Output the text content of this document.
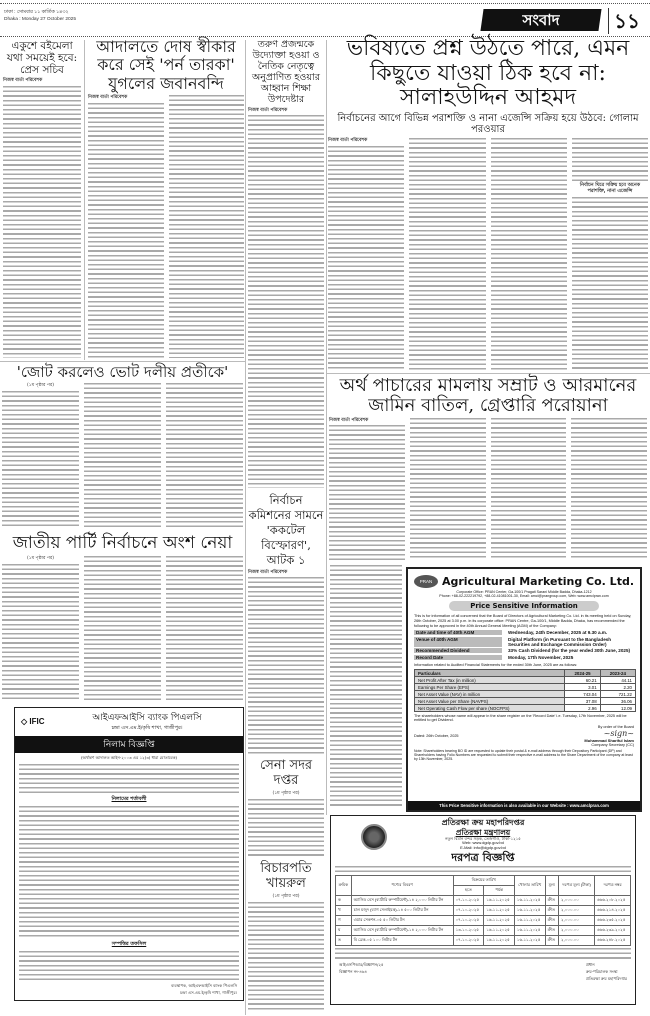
ঢাকা : সোমবার ১১ কার্তিক ১৪৩২
Dhaka : Monday 27 October 2025	সংবাদ	১১
একুশে বইমেলা যথা সময়েই হবে: প্রেস সচিব
নিজস্ব বার্তা পরিবেশক
আদালতে দোষ স্বীকার করে সেই 'পর্ন তারকা' যুগলের জবানবন্দি
নিজস্ব বার্তা পরিবেশক
তরুণ প্রজন্মকে উদ্যোক্তা হওয়া ও নৈতিক নেতৃত্বে অনুপ্রাণিত হওয়ার আহ্বান শিক্ষা উপদেষ্টার
নিজস্ব বার্তা পরিবেশক
নির্বাচন কমিশনের সামনে 'ককটেল বিস্ফোরণ', আটক ১
নিজস্ব বার্তা পরিবেশক
সেনা সদর দপ্তর
(১ম পৃষ্ঠার পর)
বিচারপতি খায়রুল
(১ম পৃষ্ঠার পর)
ভবিষ্যতে প্রশ্ন উঠতে পারে, এমন কিছুতে যাওয়া ঠিক হবে না: সালাহউদ্দিন আহমদ
নির্বাচনের আগে বিভিন্ন পরাশক্তি ও নানা এজেন্সি সক্রিয় হয়ে উঠবে: গোলাম পরওয়ার
নিজস্ব বার্তা পরিবেশক
নির্বাচন ঘিরে সক্রিয় হবে অনেক পরাশক্তি, নানা এজেন্সি
'জোট করলেও ভোট দলীয় প্রতীকে'
(১ম পৃষ্ঠার পর)
জাতীয় পার্টি নির্বাচনে অংশ নেয়া
(১ম পৃষ্ঠার পর)
অর্থ পাচারের মামলায় সম্রাট ও আরমানের জামিন বাতিল, গ্রেপ্তারি পরোয়ানা
নিজস্ব বার্তা পরিবেশক
PRAN Agricultural Marketing Co. Ltd.
Corporate Office: PRAN Center, Ga-100/1 Pragati Sarani Middle Badda, Dhaka-1212
Phone: +88-02-222219792, +88-02-41081001-30, Email: amcl@prangroup.com, Web: www.amclpran.com
Price Sensitive Information
This is for information of all concerned that the Board of Directors of Agricultural Marketing Co. Ltd. in its meeting held on Sunday, 26th October, 2025 at 3.00 p.m. in its corporate office: PRAN Centre, Ga-100/1, Middle Badda, Dhaka, has recommended the following to be approved in the 40th Annual General Meeting (AGM) of the Company:
Date and time of 40th AGM	Wednesday, 24th December, 2025 at 9.30 a.m.
Venue of 40th AGM	Digital Platform (in Pursuant to the Bangladesh Securities and Exchange Commission Order)
Recommended Dividend	33% Cash Dividend (for the year ended 30th June, 2025)
Record Date	Monday, 17th November, 2025
Information related to Audited Financial Statements for the ended 30th June, 2025 are as follows:
Particulars	2024-25	2023-24
Net Profit After Tax (in million)	60.21	44.11
Earnings Per Share (EPS)	3.01	2.20
Net Asset Value (NAV) in million	743.04	721.22
Net Asset Value per Share (NAVPS)	37.08	36.06
Net Operating Cash Flow per share (NOCFPS)	2.96	12.09
The shareholders whose name will appear in the share register on the 'Record Date' i.e. Tuesday, 17th November, 2025 will be entitled to get Dividend.
Dated: 26th October, 2025
By order of the Board
~sign~
Muhammad Shariful Islam
Company Secretary (CC)
Note: Shareholders bearing BO ID are requested to update their postal & e-mail address through their Depository Participant (DP) and Shareholders having Folio Numbers are requested to submit their respective e-mail address to the Share Department of the company at least by 13th November, 2025.
This Price Sensitive information is also available in our Website : www.amclpran.com
◇ IFIC	আইএফআইসি ব্যাংক পিএলসি
চন্দ্রা এস.এম.ই/কৃষি শাখা, গাজীপুর।
নিলাম বিজ্ঞপ্তি
(অর্থঋণ আদালত আইন-২০০৩ এর ১২(৩) ধারা মোতাবেক)
নিলামের শর্তাবলী
সম্পত্তির তফসিল
ব্যবস্থাপক, আইএফআইসি ব্যাংক পিএলসি
চন্দ্রা এস.এম.ই/কৃষি শাখা, গাজীপুর।
প্রতিরক্ষা ক্রয় মহাপরিদপ্তর
প্রতিরক্ষা মন্ত্রণালয়
নতুন বিমান বন্দর সড়ক, তেজগাঁও, ঢাকা-১২১৫
Web: www.dgdp.gov.bd
E-Mail: info@dgdp.gov.bd
দরপত্র বিজ্ঞপ্তি
ক্রমিক	পণ্যের বিবরণ	বিক্রয়ের তারিখ		খোলার তারিখ	মূল্য	দরপত্র মূল্য (টাকা)	দরপত্র নম্বর
		হতে	পর্যন্ত				
ক	অ্যাসিড বেস (ব্যাটারি কম্পার্টমেন্ট)-১৪ ২,০০০ লিটার টন	০৭-১০-২০২৫	১৬-১১-২০২৫	১৬-১১-২০২৫	ক্রীত	২,০০০.০০	৬৬৬.২০৮.২০২৫
খ	চাল মজুদ (ব্যাগ সেলাইযন্ত্র)-১৪ ৫০০ লিটার টন	০৭-১০-২০২৫	১৬-১১-২০২৫	১৬-১১-২০২৫	ক্রীত	২,০০০.০০	৬৬৬.২১৪.২০২৫
গ	এয়ার সেকশন-০৫ ৫০ লিটার টন	০৭-১০-২০২৫	১৬-১১-২০২৫	১৬-১১-২০২৫	ক্রীত	২,০০০.০০	৬৬৬.২৩৫.২০২৫
ঘ	অ্যাসিড বেস (ব্যাটারি কম্পার্টমেন্ট)-১৪ ২,০০০ লিটার টন	১৩-১০-২০২৫	১৬-১১-২০২৫	১৬-১১-২০২৫	ক্রীত	২,০০০.০০	৬৬৬.২৩৯.২০২৫
ঙ	বি ব্রেক-০৫ ১০০ লিটার টন	০৭-১০-২০২৫	১৬-১১-২০২৫	১৬-১১-২০২৫	ক্রীত	২,০০০.০০	৬৬৬.২৪৮.২০২৫
আইএসপিআর/বিজ্ঞাপন/২৫
বিজ্ঞাপন নং-৪৬৪
প্রধান
ক্রয়-পরিচালক সংস্থা
প্রতিরক্ষা ক্রয় মহাপরিদপ্তর
